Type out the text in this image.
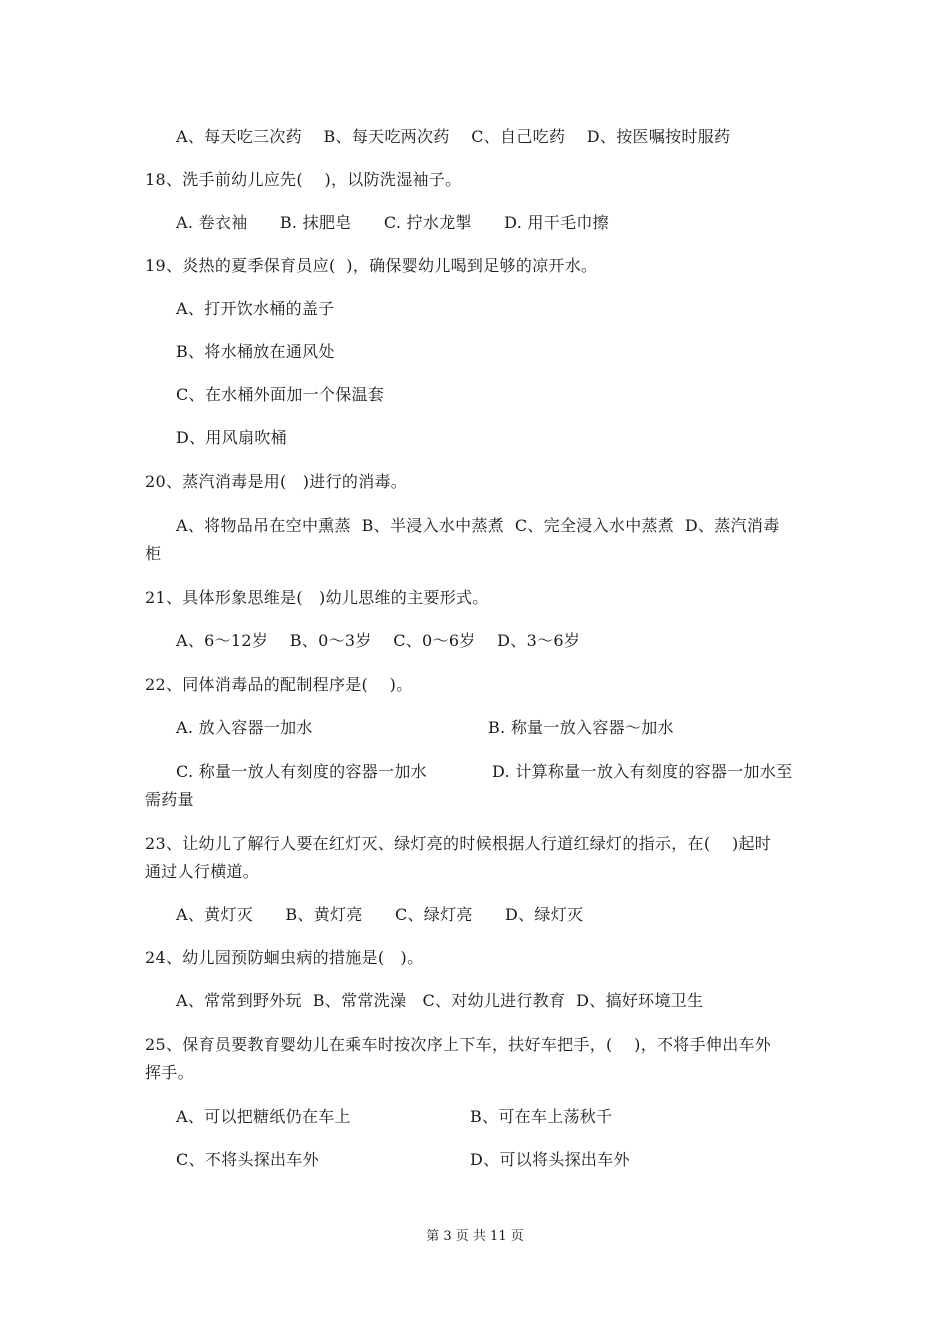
A、每天吃三次药    B、每天吃两次药    C、自己吃药    D、按医嘱按时服药
18、洗手前幼儿应先(    )，以防洗湿袖子。
A. 卷衣袖      B. 抹肥皂      C. 拧水龙掣      D. 用干毛巾擦
19、炎热的夏季保育员应(  )，确保婴幼儿喝到足够的凉开水。
A、打开饮水桶的盖子
B、将水桶放在通风处
C、在水桶外面加一个保温套
D、用风扇吹桶
20、蒸汽消毒是用(   )进行的消毒。
A、将物品吊在空中熏蒸  B、半浸入水中蒸煮  C、完全浸入水中蒸煮  D、蒸汽消毒
柜
21、具体形象思维是(   )幼儿思维的主要形式。
A、6～12岁    B、0～3岁    C、0～6岁    D、3～6岁
22、同体消毒品的配制程序是(    )。
A. 放入容器一加水	B. 称量一放入容器～加水
C. 称量一放人有刻度的容器一加水	D. 计算称量一放入有刻度的容器一加水至
需药量
23、让幼儿了解行人要在红灯灭、绿灯亮的时候根据人行道红绿灯的指示，在(    )起时
通过人行横道。
A、黄灯灭      B、黄灯亮      C、绿灯亮      D、绿灯灭
24、幼儿园预防蛔虫病的措施是(   )。
A、常常到野外玩  B、常常洗澡   C、对幼儿进行教育  D、搞好环境卫生
25、保育员要教育婴幼儿在乘车时按次序上下车，扶好车把手，(    )，不将手伸出车外
挥手。
A、可以把糖纸仍在车上	B、可在车上荡秋千
C、不将头探出车外	D、可以将头探出车外
第 3 页 共 11 页
